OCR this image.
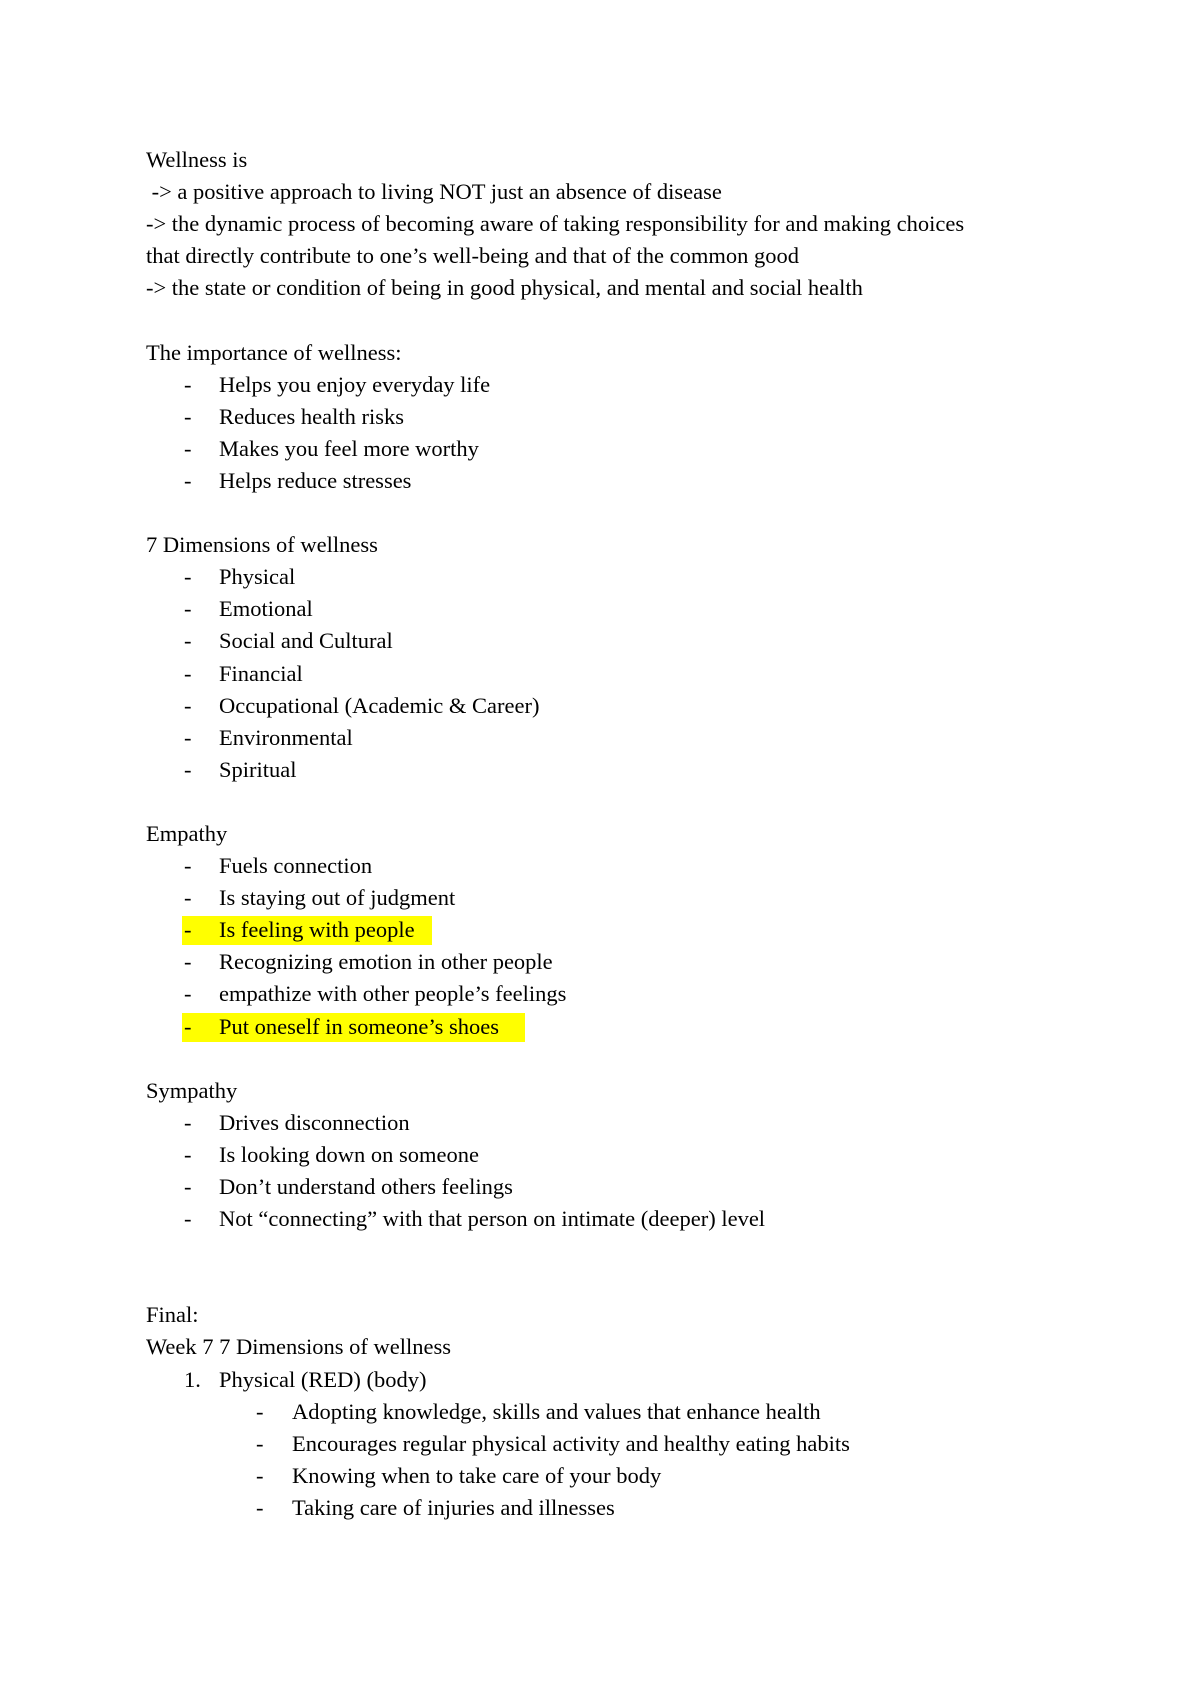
Wellness is
-> a positive approach to living NOT just an absence of disease
-> the dynamic process of becoming aware of taking responsibility for and making choices
that directly contribute to one’s well-being and that of the common good
-> the state or condition of being in good physical, and mental and social health
The importance of wellness:
- Helps you enjoy everyday life
- Reduces health risks
- Makes you feel more worthy
- Helps reduce stresses
7 Dimensions of wellness
- Physical
- Emotional
- Social and Cultural
- Financial
- Occupational (Academic & Career)
- Environmental
- Spiritual
Empathy
- Fuels connection
- Is staying out of judgment
- Is feeling with people
- Recognizing emotion in other people
- empathize with other people’s feelings
- Put oneself in someone’s shoes
Sympathy
- Drives disconnection
- Is looking down on someone
- Don’t understand others feelings
- Not “connecting” with that person on intimate (deeper) level
Final:
Week 7 7 Dimensions of wellness
1. Physical (RED) (body)
- Adopting knowledge, skills and values that enhance health
- Encourages regular physical activity and healthy eating habits
- Knowing when to take care of your body
- Taking care of injuries and illnesses
